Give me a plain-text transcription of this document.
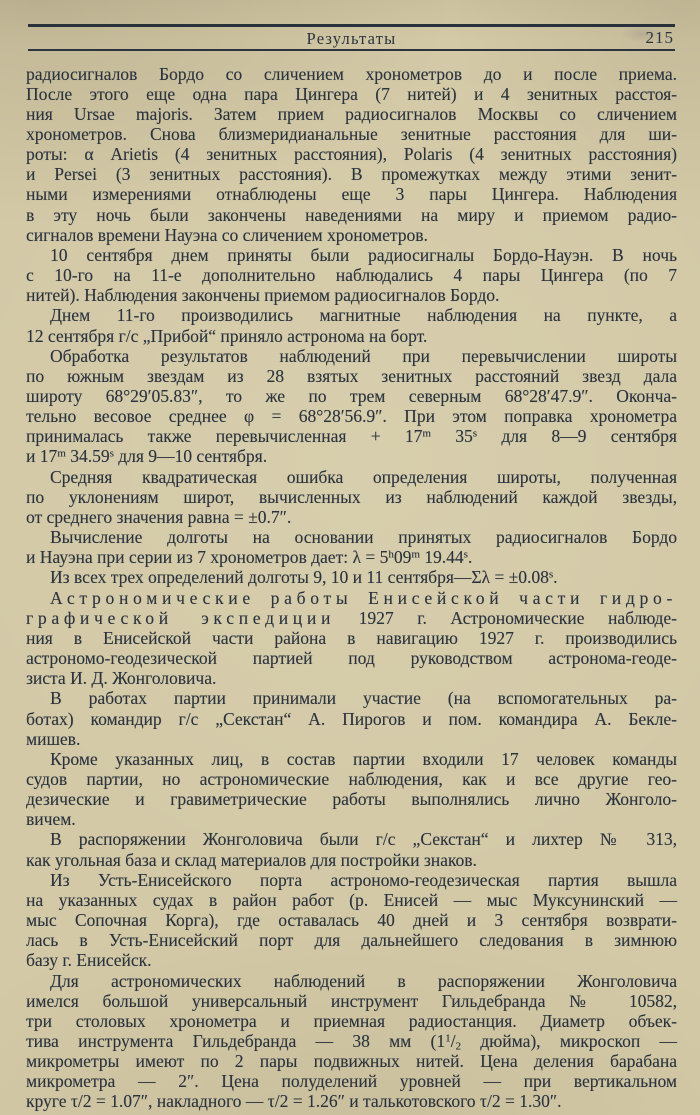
Результаты	215
радиосигналов Бордо со сличением хронометров до и после приема.
После этого еще одна пара Цингера (7 нитей) и 4 зенитных расстоя-
ния Ursae majoris. Затем прием радиосигналов Москвы со сличением
хронометров. Снова близмеридианальные зенитные расстояния для ши-
роты: α Arietis (4 зенитных расстояния), Polaris (4 зенитных расстояния)
и Persei (3 зенитных расстояния). В промежутках между этими зенит-
ными измерениями отнаблюдены еще 3 пары Цингера. Наблюдения
в эту ночь были закончены наведениями на миру и приемом радио-
сигналов времени Науэна со сличением хронометров.
10 сентября днем приняты были радиосигналы Бордо-Науэн. В ночь
с 10-го на 11-е дополнительно наблюдались 4 пары Цингера (по 7
нитей). Наблюдения закончены приемом радиосигналов Бордо.
Днем 11-го производились магнитные наблюдения на пункте, а
12 сентября г/с „Прибой“ приняло астронома на борт.
Обработка результатов наблюдений при перевычислении широты
по южным звездам из 28 взятых зенитных расстояний звезд дала
широту 68°29′05.83″, то же по трем северным 68°28′47.9″. Оконча-
тельно весовое среднее φ = 68°28′56.9″. При этом поправка хронометра
принималась также перевычисленная + $17^m$ 35$^s$ для 8—9 сентября
и 17$^m$ 34.59$^s$ для 9—10 сентября.
Средняя квадратическая ошибка определения широты, полученная
по уклонениям широт, вычисленных из наблюдений каждой звезды,
от среднего значения равна = ±0.7″.
Вычисление долготы на основании принятых радиосигналов Бордо
и Науэна при серии из 7 хронометров дает: $\lambda = 5^h09^m$ 19.44$^s$.
Из всех трех определений долготы 9, 10 и 11 сентября—Σλ = $\pm 0.08^s$.
Астрономические работы Енисейской части гидро-
графической экспедиции 1927 г. Астрономические наблюде-
ния в Енисейской части района в навигацию 1927 г. производились
астрономо-геодезической партией под руководством астронома-геоде-
зиста И. Д. Жонголовича.
В работах партии принимали участие (на вспомогательных ра-
ботах) командир г/с „Секстан“ А. Пирогов и пом. командира А. Бекле-
мишев.
Кроме указанных лиц, в состав партии входили 17 человек команды
судов партии, но астрономические наблюдения, как и все другие гео-
дезические и гравиметрические работы выполнялись лично Жонголо-
вичем.
В распоряжении Жонголовича были г/с „Секстан“ и лихтер № 313,
как угольная база и склад материалов для постройки знаков.
Из Усть-Енисейского порта астрономо-геодезическая партия вышла
на указанных судах в район работ (р. Енисей — мыс Муксунинский —
мыс Сопочная Корга), где оставалась 40 дней и 3 сентября возврати-
лась в Усть-Енисейский порт для дальнейшего следования в зимнюю
базу г. Енисейск.
Для астрономических наблюдений в распоряжении Жонголовича
имелся большой универсальный инструмент Гильдебранда № 10582,
три столовых хронометра и приемная радиостанция. Диаметр объек-
тива инструмента Гильдебранда — 38 мм ($1^1/_2$ дюйма), микроскоп —
микрометры имеют по 2 пары подвижных нитей. Цена деления барабана
микрометра — 2″. Цена полуделений уровней — при вертикальном
круге τ/2 = 1.07″, накладного — τ/2 = 1.26″ и талькотовского τ/2 = 1.30″.
